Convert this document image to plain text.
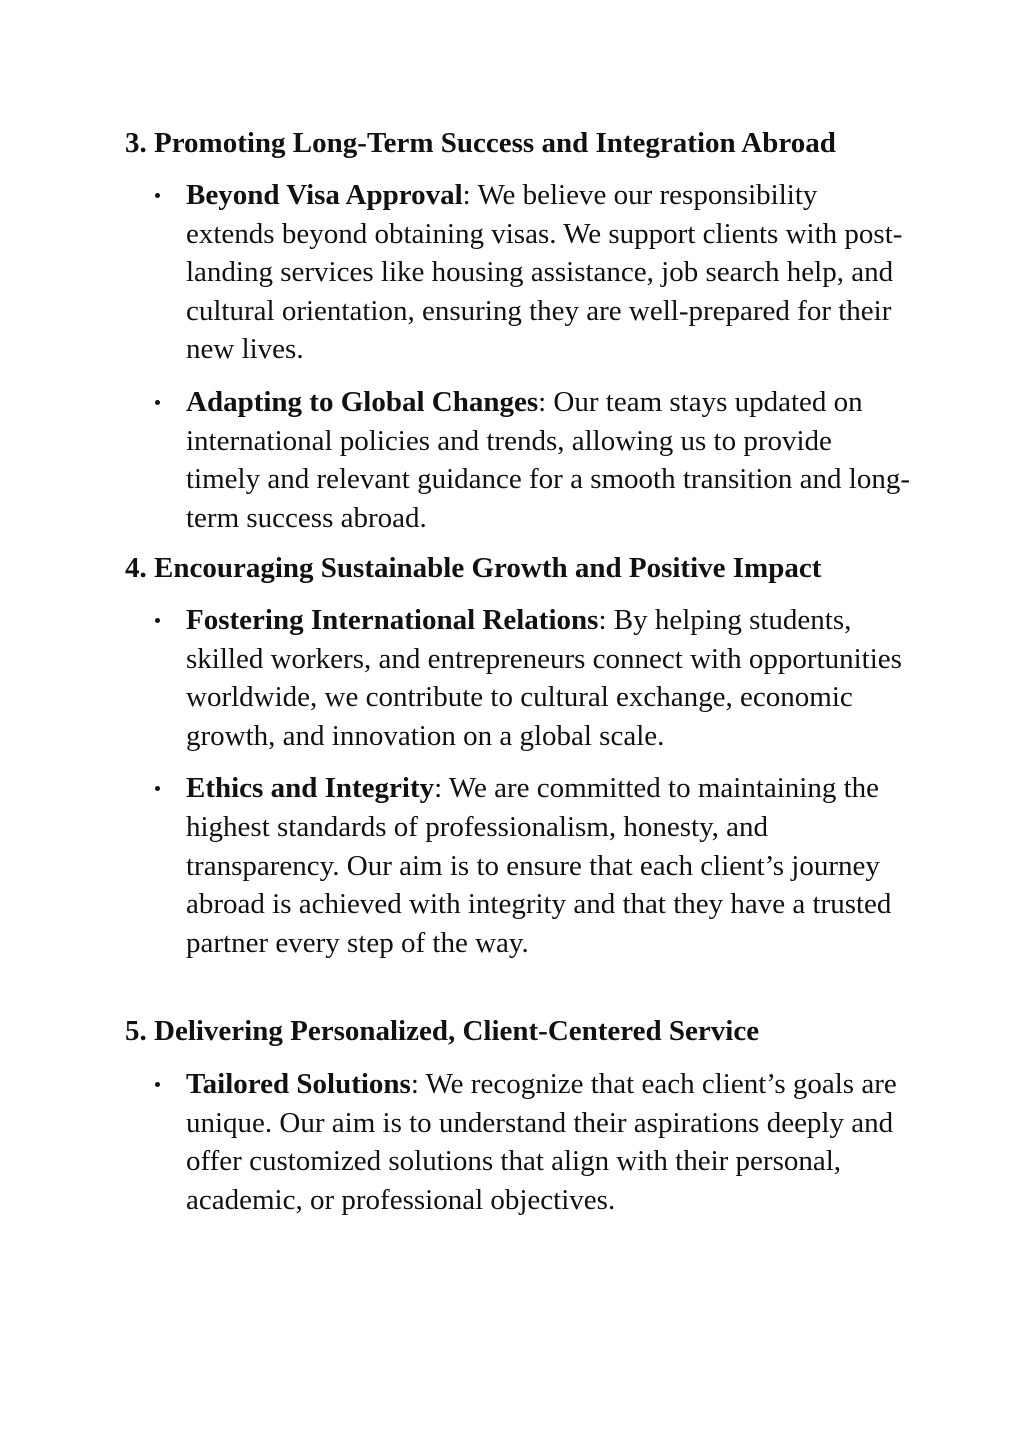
3. Promoting Long-Term Success and Integration Abroad
Beyond Visa Approval: We believe our responsibility extends beyond obtaining visas. We support clients with post-landing services like housing assistance, job search help, and cultural orientation, ensuring they are well-prepared for their new lives.
Adapting to Global Changes: Our team stays updated on international policies and trends, allowing us to provide timely and relevant guidance for a smooth transition and long-term success abroad.
4. Encouraging Sustainable Growth and Positive Impact
Fostering International Relations: By helping students, skilled workers, and entrepreneurs connect with opportunities worldwide, we contribute to cultural exchange, economic growth, and innovation on a global scale.
Ethics and Integrity: We are committed to maintaining the highest standards of professionalism, honesty, and transparency. Our aim is to ensure that each client’s journey abroad is achieved with integrity and that they have a trusted partner every step of the way.
5. Delivering Personalized, Client-Centered Service
Tailored Solutions: We recognize that each client’s goals are unique. Our aim is to understand their aspirations deeply and offer customized solutions that align with their personal, academic, or professional objectives.
